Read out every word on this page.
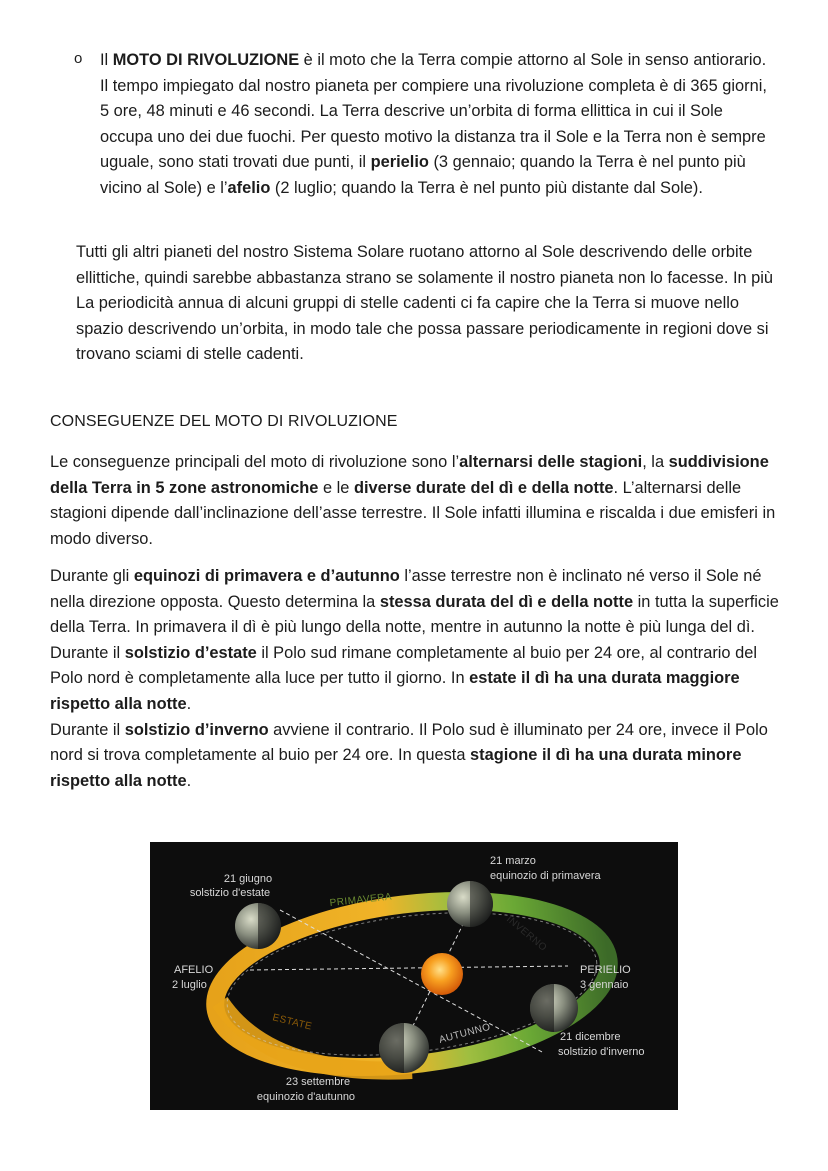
o Il MOTO DI RIVOLUZIONE è il moto che la Terra compie attorno al Sole in senso antiorario. Il tempo impiegato dal nostro pianeta per compiere una rivoluzione completa è di 365 giorni, 5 ore, 48 minuti e 46 secondi. La Terra descrive un’orbita di forma ellittica in cui il Sole occupa uno dei due fuochi. Per questo motivo la distanza tra il Sole e la Terra non è sempre uguale, sono stati trovati due punti, il perielio (3 gennaio; quando la Terra è nel punto più vicino al Sole) e l’afelio (2 luglio; quando la Terra è nel punto più distante dal Sole).

Tutti gli altri pianeti del nostro Sistema Solare ruotano attorno al Sole descrivendo delle orbite ellittiche, quindi sarebbe abbastanza strano se solamente il nostro pianeta non lo facesse. In più La periodicità annua di alcuni gruppi di stelle cadenti ci fa capire che la Terra si muove nello spazio descrivendo un’orbita, in modo tale che possa passare periodicamente in regioni dove si trovano sciami di stelle cadenti.

CONSEGUENZE DEL MOTO DI RIVOLUZIONE

Le conseguenze principali del moto di rivoluzione sono l’alternarsi delle stagioni, la suddivisione della Terra in 5 zone astronomiche e le diverse durate del dì e della notte. L’alternarsi delle stagioni dipende dall’inclinazione dell’asse terrestre. Il Sole infatti illumina e riscalda i due emisferi in modo diverso.

Durante gli equinozi di primavera e d’autunno l’asse terrestre non è inclinato né verso il Sole né nella direzione opposta. Questo determina la stessa durata del dì e della notte in tutta la superficie della Terra. In primavera il dì è più lungo della notte, mentre in autunno la notte è più lunga del dì.
Durante il solstizio d’estate il Polo sud rimane completamente al buio per 24 ore, al contrario del Polo nord è completamente alla luce per tutto il giorno. In estate il dì ha una durata maggiore rispetto alla notte.
Durante il solstizio d’inverno avviene il contrario. Il Polo sud è illuminato per 24 ore, invece il Polo nord si trova completamente al buio per 24 ore. In questa stagione il dì ha una durata minore rispetto alla notte.

21 giugno
solstizio d'estate
21 marzo
equinozio di primavera
AFELIO
2 luglio
PERIELIO
3 gennaio
21 dicembre
solstizio d'inverno
23 settembre
equinozio d'autunno
PRIMAVERA
INVERNO
ESTATE	AUTUNNO
